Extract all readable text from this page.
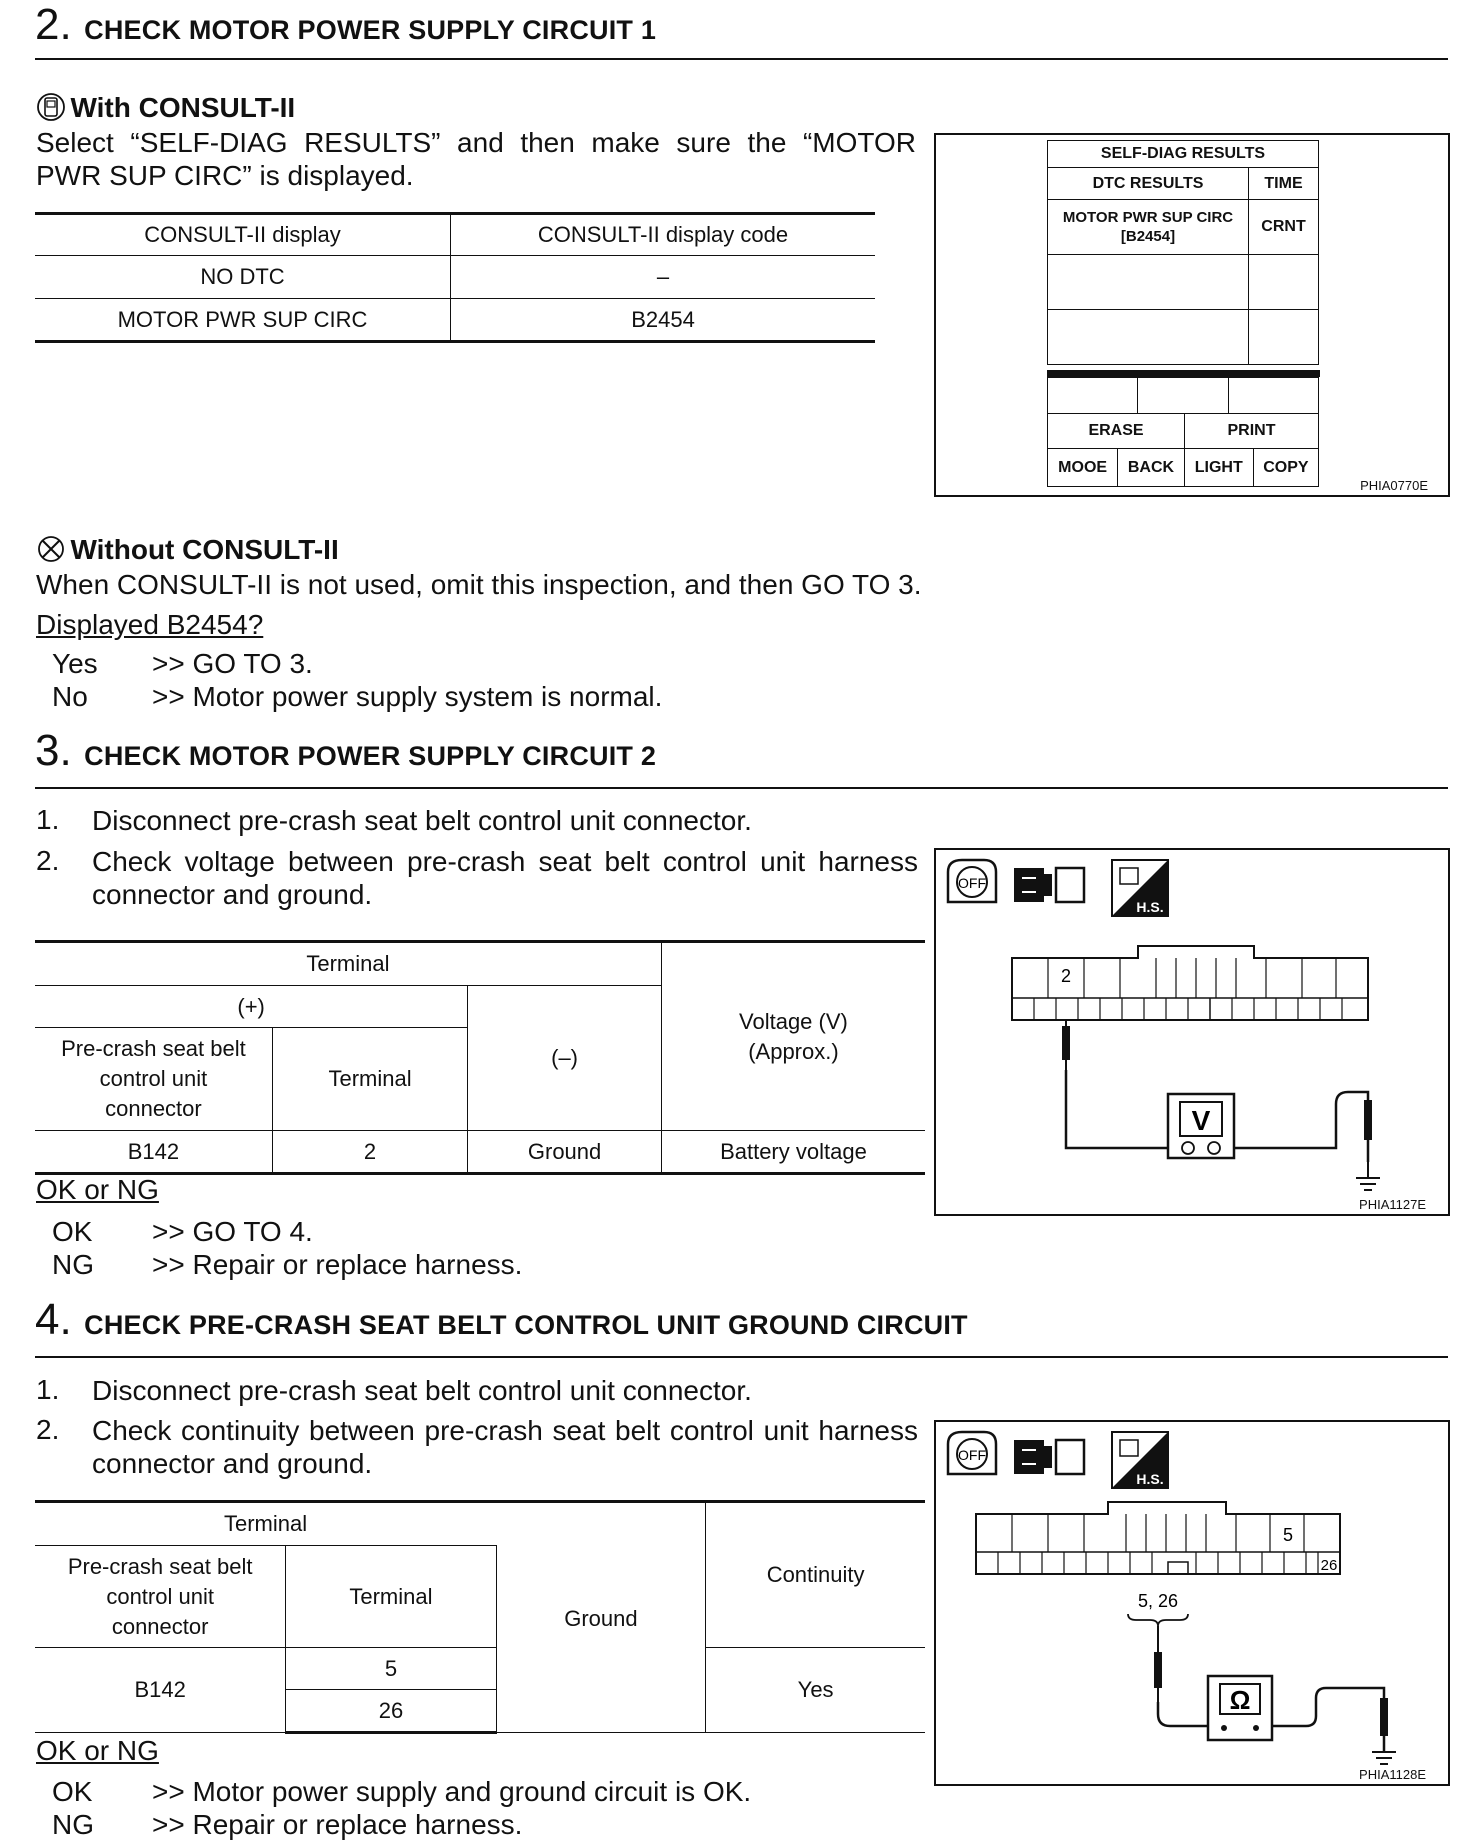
2. CHECK MOTOR POWER SUPPLY CIRCUIT 1
With CONSULT-II
Select “SELF-DIAG RESULTS” and then make sure the “MOTOR PWR SUP CIRC” is displayed.
CONSULT-II display	CONSULT-II display code
NO DTC	–
MOTOR PWR SUP CIRC	B2454
SELF-DIAG RESULTS	
DTC RESULTS	TIME

MOTOR PWR SUP CIRC
[B2454]	CRNT

ERASE	PRINT
MOOE	BACK	LIGHT	COPY
PHIA0770E
Without CONSULT-II
When CONSULT-II is not used, omit this inspection, and then GO TO 3.
Displayed B2454?
Yes >> GO TO 3.
No >> Motor power supply system is normal.
3. CHECK MOTOR POWER SUPPLY CIRCUIT 2
1. Disconnect pre-crash seat belt control unit connector.
2. Check voltage between pre-crash seat belt control unit harness connector and ground.
Terminal			Voltage (V) (Approx.)
(+)		(–)	
Pre-crash seat belt control unit connector	Terminal		
B142	2	Ground	Battery voltage
OFF
H.S.
2
V
PHIA1127E
OK or NG
OK >> GO TO 4.
NG >> Repair or replace harness.
4. CHECK PRE-CRASH SEAT BELT CONTROL UNIT GROUND CIRCUIT
1. Disconnect pre-crash seat belt control unit connector.
2. Check continuity between pre-crash seat belt control unit harness connector and ground.
Terminal			Continuity
Pre-crash seat belt control unit connector	Terminal	Ground	
B142	5		Yes
	26		
OFF
H.S.
5
26
5, 26
Ω
PHIA1128E
OK or NG
OK >> Motor power supply and ground circuit is OK.
NG >> Repair or replace harness.
